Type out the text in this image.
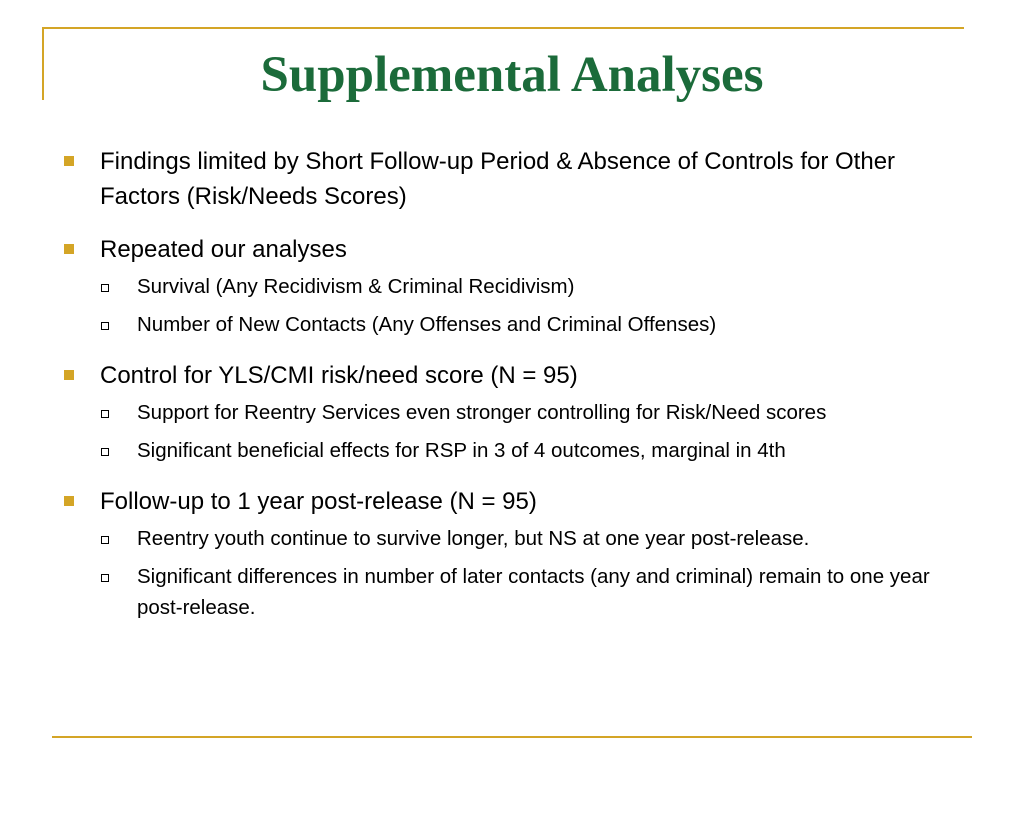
Supplemental Analyses
Findings limited by Short Follow-up Period & Absence of Controls for Other Factors (Risk/Needs Scores)
Repeated our analyses
Survival (Any Recidivism & Criminal Recidivism)
Number of New Contacts (Any Offenses and Criminal Offenses)
Control for YLS/CMI risk/need score (N = 95)
Support for Reentry Services even stronger controlling for Risk/Need scores
Significant beneficial effects for RSP in 3 of 4 outcomes, marginal in 4th
Follow-up to 1 year post-release (N = 95)
Reentry youth continue to survive longer, but NS at one year post-release.
Significant differences in number of later contacts (any and criminal) remain to one year post-release.
